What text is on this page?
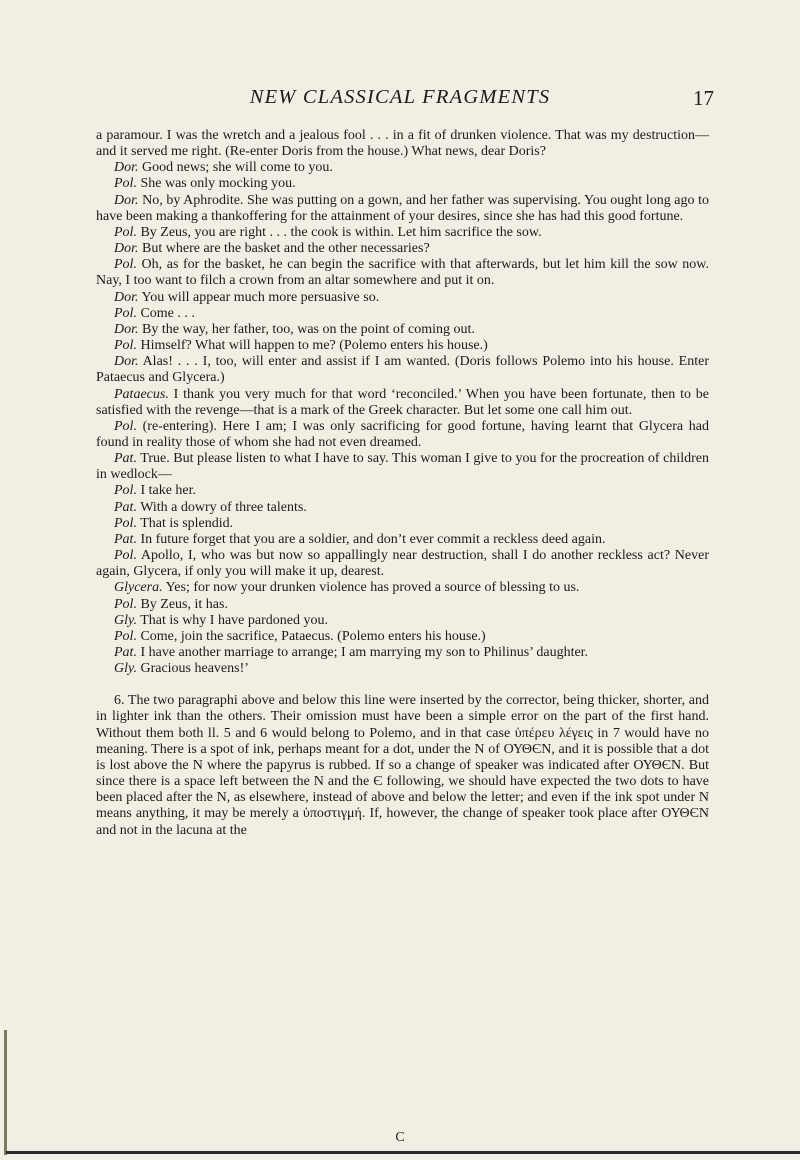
NEW CLASSICAL FRAGMENTS	17

a paramour. I was the wretch and a jealous fool . . . in a fit of drunken violence. That was my destruction—and it served me right. (Re-enter Doris from the house.) What news, dear Doris?

Dor. Good news; she will come to you.

Pol. She was only mocking you.

Dor. No, by Aphrodite. She was putting on a gown, and her father was supervising. You ought long ago to have been making a thankoffering for the attainment of your desires, since she has had this good fortune.

Pol. By Zeus, you are right . . . the cook is within. Let him sacrifice the sow.

Dor. But where are the basket and the other necessaries?

Pol. Oh, as for the basket, he can begin the sacrifice with that afterwards, but let him kill the sow now. Nay, I too want to filch a crown from an altar somewhere and put it on.

Dor. You will appear much more persuasive so.

Pol. Come . . .

Dor. By the way, her father, too, was on the point of coming out.

Pol. Himself? What will happen to me? (Polemo enters his house.)

Dor. Alas! . . . I, too, will enter and assist if I am wanted. (Doris follows Polemo into his house. Enter Pataecus and Glycera.)

Pataecus. I thank you very much for that word ‘reconciled.’ When you have been fortunate, then to be satisfied with the revenge—that is a mark of the Greek character. But let some one call him out.

Pol. (re-entering). Here I am; I was only sacrificing for good fortune, having learnt that Glycera had found in reality those of whom she had not even dreamed.

Pat. True. But please listen to what I have to say. This woman I give to you for the procreation of children in wedlock—

Pol. I take her.

Pat. With a dowry of three talents.

Pol. That is splendid.

Pat. In future forget that you are a soldier, and don’t ever commit a reckless deed again.

Pol. Apollo, I, who was but now so appallingly near destruction, shall I do another reckless act? Never again, Glycera, if only you will make it up, dearest.

Glycera. Yes; for now your drunken violence has proved a source of blessing to us.

Pol. By Zeus, it has.

Gly. That is why I have pardoned you.

Pol. Come, join the sacrifice, Pataecus. (Polemo enters his house.)

Pat. I have another marriage to arrange; I am marrying my son to Philinus’ daughter.

Gly. Gracious heavens!’

6. The two paragraphi above and below this line were inserted by the corrector, being thicker, shorter, and in lighter ink than the others. Their omission must have been a simple error on the part of the first hand. Without them both ll. 5 and 6 would belong to Polemo, and in that case ὑπέρευ λέγεις in 7 would have no meaning. There is a spot of ink, perhaps meant for a dot, under the N of ΟΥΘЄΝ, and it is possible that a dot is lost above the N where the papyrus is rubbed. If so a change of speaker was indicated after ΟΥΘЄΝ. But since there is a space left between the N and the Є following, we should have expected the two dots to have been placed after the N, as elsewhere, instead of above and below the letter; and even if the ink spot under N means anything, it may be merely a ὑποστιγμή. If, however, the change of speaker took place after ΟΥΘЄΝ and not in the lacuna at the

C
